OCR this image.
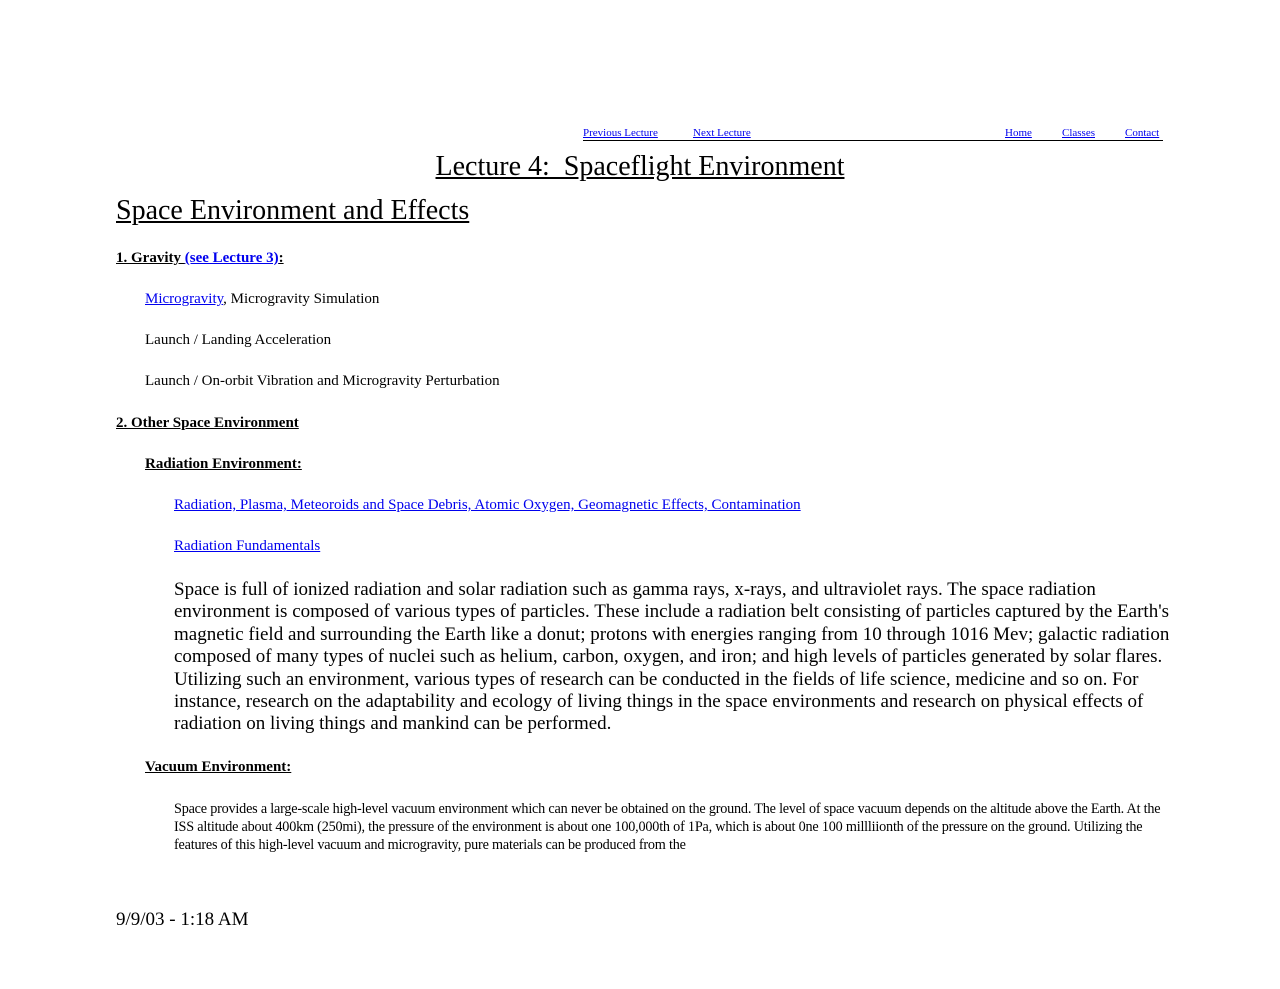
Previous Lecture	Next Lecture	Home	Classes	Contact
Lecture 4:  Spaceflight Environment
Space Environment and Effects
1. Gravity (see Lecture 3):
Microgravity, Microgravity Simulation
Launch / Landing Acceleration
Launch / On-orbit Vibration and Microgravity Perturbation
2. Other Space Environment
Radiation Environment:
Radiation, Plasma, Meteoroids and Space Debris, Atomic Oxygen, Geomagnetic Effects, Contamination
Radiation Fundamentals
Space is full of ionized radiation and solar radiation such as gamma rays, x-rays, and ultraviolet rays. The space radiation environment is composed of various types of particles. These include a radiation belt consisting of particles captured by the Earth's magnetic field and surrounding the Earth like a donut; protons with energies ranging from 10 through 1016 Mev; galactic radiation composed of many types of nuclei such as helium, carbon, oxygen, and iron; and high levels of particles generated by solar flares. Utilizing such an environment, various types of research can be conducted in the fields of life science, medicine and so on. For instance, research on the adaptability and ecology of living things in the space environments and research on physical effects of radiation on living things and mankind can be performed.
Vacuum Environment:
Space provides a large-scale high-level vacuum environment which can never be obtained on the ground. The level of space vacuum depends on the altitude above the Earth. At the ISS altitude about 400km (250mi), the pressure of the environment is about one 100,000th of 1Pa, which is about 0ne 100 millliionth of the pressure on the ground. Utilizing the features of this high-level vacuum and microgravity, pure materials can be produced from the
9/9/03 - 1:18 AM
